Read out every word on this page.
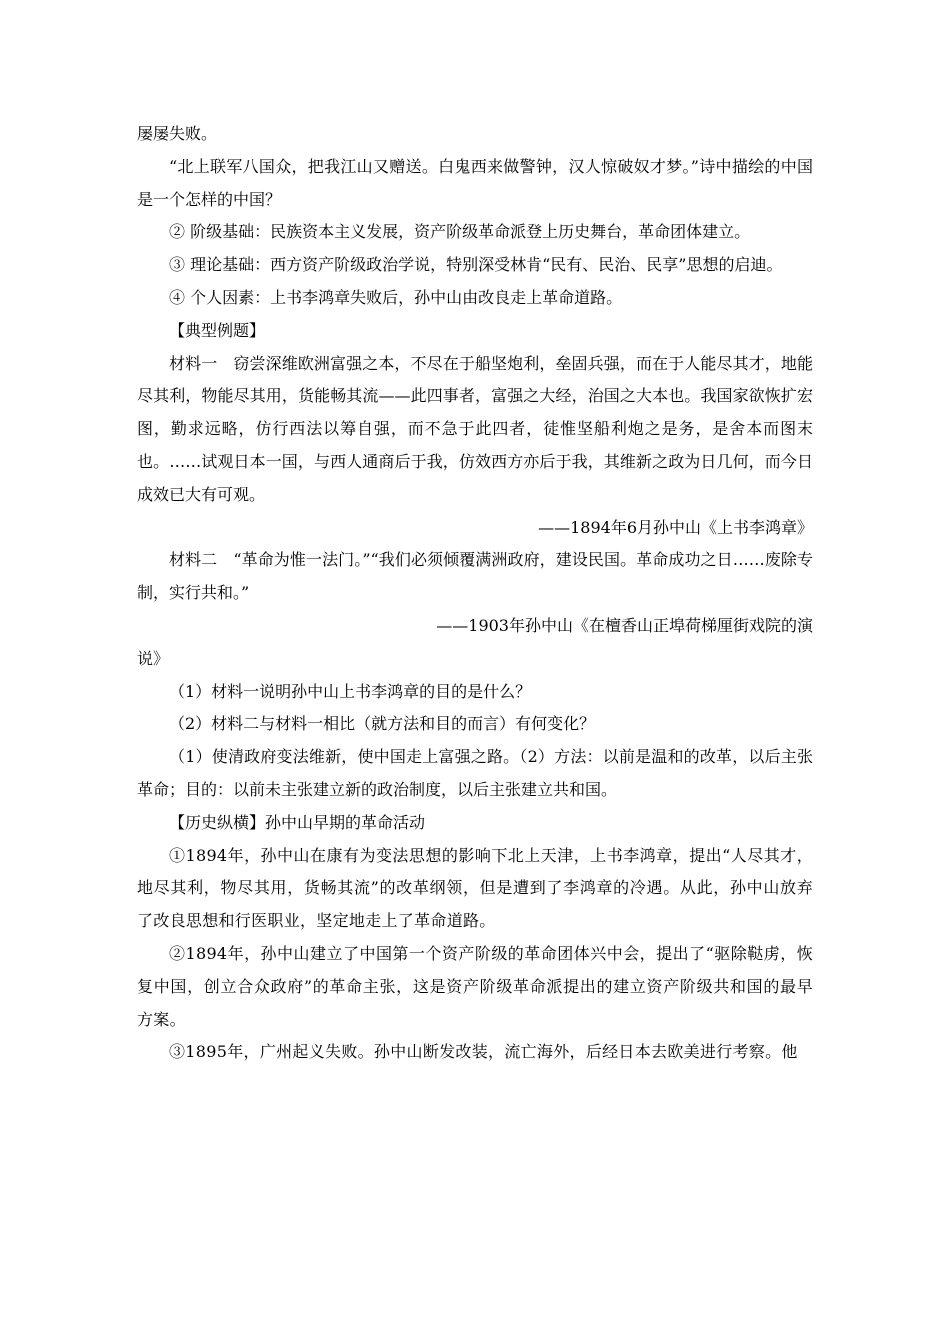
屡屡失败。

“北上联军八国众，把我江山又赠送。白鬼西来做警钟，汉人惊破奴才梦。”诗中描绘的中国是一个怎样的中国？

② 阶级基础：民族资本主义发展，资产阶级革命派登上历史舞台，革命团体建立。

③ 理论基础：西方资产阶级政治学说，特别深受林肯“民有、民治、民享”思想的启迪。

④ 个人因素：上书李鸿章失败后，孙中山由改良走上革命道路。

【典型例题】

材料一　窃尝深维欧洲富强之本，不尽在于船坚炮利，垒固兵强，而在于人能尽其才，地能尽其利，物能尽其用，货能畅其流——此四事者，富强之大经，治国之大本也。我国家欲恢扩宏图，勤求远略，仿行西法以筹自强，而不急于此四者，徒惟坚船利炮之是务，是舍本而图末也。……试观日本一国，与西人通商后于我，仿效西方亦后于我，其维新之政为日几何，而今日成效已大有可观。

——1894年6月孙中山《上书李鸿章》

材料二　“革命为惟一法门。”“我们必须倾覆满洲政府，建设民国。革命成功之日……废除专制，实行共和。”

——1903年孙中山《在檀香山正埠荷梯厘街戏院的演

说》

（1）材料一说明孙中山上书李鸿章的目的是什么？

（2）材料二与材料一相比（就方法和目的而言）有何变化？

（1）使清政府变法维新，使中国走上富强之路。（2）方法：以前是温和的改革，以后主张革命；目的：以前未主张建立新的政治制度，以后主张建立共和国。

【历史纵横】孙中山早期的革命活动

①1894年，孙中山在康有为变法思想的影响下北上天津，上书李鸿章，提出“人尽其才，地尽其利，物尽其用，货畅其流”的改革纲领，但是遭到了李鸿章的冷遇。从此，孙中山放弃了改良思想和行医职业，坚定地走上了革命道路。

②1894年，孙中山建立了中国第一个资产阶级的革命团体兴中会，提出了“驱除鞑虏，恢复中国，创立合众政府”的革命主张，这是资产阶级革命派提出的建立资产阶级共和国的最早方案。

③1895年，广州起义失败。孙中山断发改装，流亡海外，后经日本去欧美进行考察。他
